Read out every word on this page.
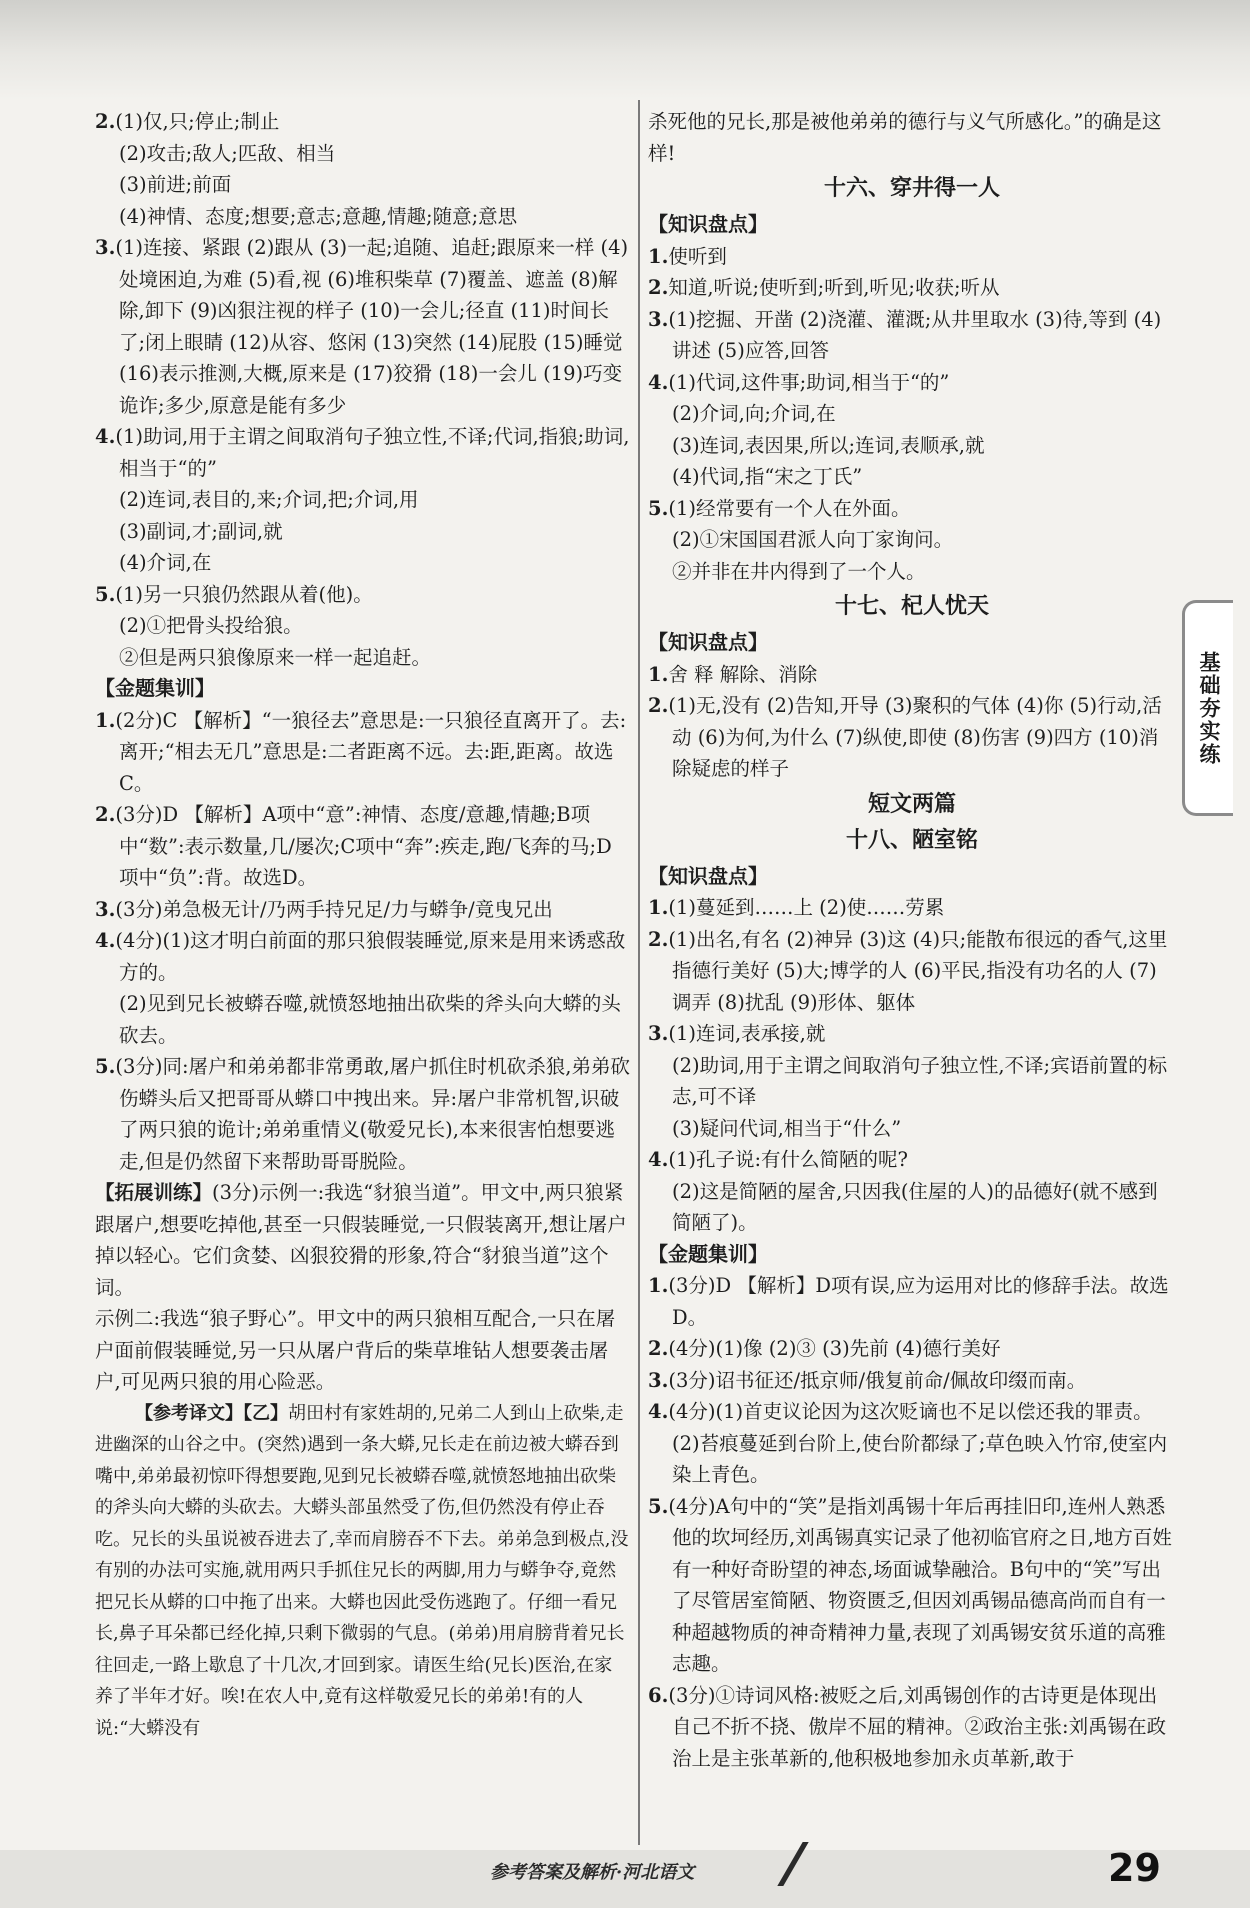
2.(1)仅,只;停止;制止

(2)攻击;敌人;匹敌、相当

(3)前进;前面

(4)神情、态度;想要;意志;意趣,情趣;随意;意思

3.(1)连接、紧跟 (2)跟从 (3)一起;追随、追赶;跟原来一样 (4)处境困迫,为难 (5)看,视 (6)堆积柴草 (7)覆盖、遮盖 (8)解除,卸下 (9)凶狠注视的样子 (10)一会儿;径直 (11)时间长了;闭上眼睛 (12)从容、悠闲 (13)突然 (14)屁股 (15)睡觉 (16)表示推测,大概,原来是 (17)狡猾 (18)一会儿 (19)巧变诡诈;多少,原意是能有多少

4.(1)助词,用于主谓之间取消句子独立性,不译;代词,指狼;助词,相当于“的”

(2)连词,表目的,来;介词,把;介词,用

(3)副词,才;副词,就

(4)介词,在

5.(1)另一只狼仍然跟从着(他)。

(2)①把骨头投给狼。

②但是两只狼像原来一样一起追赶。

【金题集训】

1.(2分)C 【解析】“一狼径去”意思是:一只狼径直离开了。去:离开;“相去无几”意思是:二者距离不远。去:距,距离。故选C。

2.(3分)D 【解析】A项中“意”:神情、态度/意趣,情趣;B项中“数”:表示数量,几/屡次;C项中“奔”:疾走,跑/飞奔的马;D项中“负”:背。故选D。

3.(3分)弟急极无计/乃两手持兄足/力与蟒争/竟曳兄出

4.(4分)(1)这才明白前面的那只狼假装睡觉,原来是用来诱惑敌方的。

(2)见到兄长被蟒吞噬,就愤怒地抽出砍柴的斧头向大蟒的头砍去。

5.(3分)同:屠户和弟弟都非常勇敢,屠户抓住时机砍杀狼,弟弟砍伤蟒头后又把哥哥从蟒口中拽出来。异:屠户非常机智,识破了两只狼的诡计;弟弟重情义(敬爱兄长),本来很害怕想要逃走,但是仍然留下来帮助哥哥脱险。

【拓展训练】(3分)示例一:我选“豺狼当道”。甲文中,两只狼紧跟屠户,想要吃掉他,甚至一只假装睡觉,一只假装离开,想让屠户掉以轻心。它们贪婪、凶狠狡猾的形象,符合“豺狼当道”这个词。

示例二:我选“狼子野心”。甲文中的两只狼相互配合,一只在屠户面前假装睡觉,另一只从屠户背后的柴草堆钻人想要袭击屠户,可见两只狼的用心险恶。

【参考译文】【乙】胡田村有家姓胡的,兄弟二人到山上砍柴,走进幽深的山谷之中。(突然)遇到一条大蟒,兄长走在前边被大蟒吞到嘴中,弟弟最初惊吓得想要跑,见到兄长被蟒吞噬,就愤怒地抽出砍柴的斧头向大蟒的头砍去。大蟒头部虽然受了伤,但仍然没有停止吞吃。兄长的头虽说被吞进去了,幸而肩膀吞不下去。弟弟急到极点,没有别的办法可实施,就用两只手抓住兄长的两脚,用力与蟒争夺,竟然把兄长从蟒的口中拖了出来。大蟒也因此受伤逃跑了。仔细一看兄长,鼻子耳朵都已经化掉,只剩下微弱的气息。(弟弟)用肩膀背着兄长往回走,一路上歇息了十几次,才回到家。请医生给(兄长)医治,在家养了半年才好。唉!在农人中,竟有这样敬爱兄长的弟弟!有的人说:“大蟒没有

杀死他的兄长,那是被他弟弟的德行与义气所感化。”的确是这样!

十六、穿井得一人

【知识盘点】

1.使听到

2.知道,听说;使听到;听到,听见;收获;听从

3.(1)挖掘、开凿 (2)浇灌、灌溉;从井里取水 (3)待,等到 (4)讲述 (5)应答,回答

4.(1)代词,这件事;助词,相当于“的”

(2)介词,向;介词,在

(3)连词,表因果,所以;连词,表顺承,就

(4)代词,指“宋之丁氏”

5.(1)经常要有一个人在外面。

(2)①宋国国君派人向丁家询问。

②并非在井内得到了一个人。

十七、杞人忧天

【知识盘点】

1.舍 释 解除、消除

2.(1)无,没有 (2)告知,开导 (3)聚积的气体 (4)你 (5)行动,活动 (6)为何,为什么 (7)纵使,即使 (8)伤害 (9)四方 (10)消除疑虑的样子

短文两篇

十八、陋室铭

【知识盘点】

1.(1)蔓延到……上 (2)使……劳累

2.(1)出名,有名 (2)神异 (3)这 (4)只;能散布很远的香气,这里指德行美好 (5)大;博学的人 (6)平民,指没有功名的人 (7)调弄 (8)扰乱 (9)形体、躯体

3.(1)连词,表承接,就

(2)助词,用于主谓之间取消句子独立性,不译;宾语前置的标志,可不译

(3)疑问代词,相当于“什么”

4.(1)孔子说:有什么简陋的呢?

(2)这是简陋的屋舍,只因我(住屋的人)的品德好(就不感到简陋了)。

【金题集训】

1.(3分)D 【解析】D项有误,应为运用对比的修辞手法。故选D。

2.(4分)(1)像 (2)③ (3)先前 (4)德行美好

3.(3分)诏书征还/抵京师/俄复前命/佩故印缀而南。

4.(4分)(1)首吏议论因为这次贬谪也不足以偿还我的罪责。

(2)苔痕蔓延到台阶上,使台阶都绿了;草色映入竹帘,使室内染上青色。

5.(4分)A句中的“笑”是指刘禹锡十年后再挂旧印,连州人熟悉他的坎坷经历,刘禹锡真实记录了他初临官府之日,地方百姓有一种好奇盼望的神态,场面诚挚融洽。B句中的“笑”写出了尽管居室简陋、物资匮乏,但因刘禹锡品德高尚而自有一种超越物质的神奇精神力量,表现了刘禹锡安贫乐道的高雅志趣。

6.(3分)①诗词风格:被贬之后,刘禹锡创作的古诗更是体现出自己不折不挠、傲岸不屈的精神。②政治主张:刘禹锡在政治上是主张革新的,他积极地参加永贞革新,敢于

基础夯实练
参考答案及解析·河北语文	29
